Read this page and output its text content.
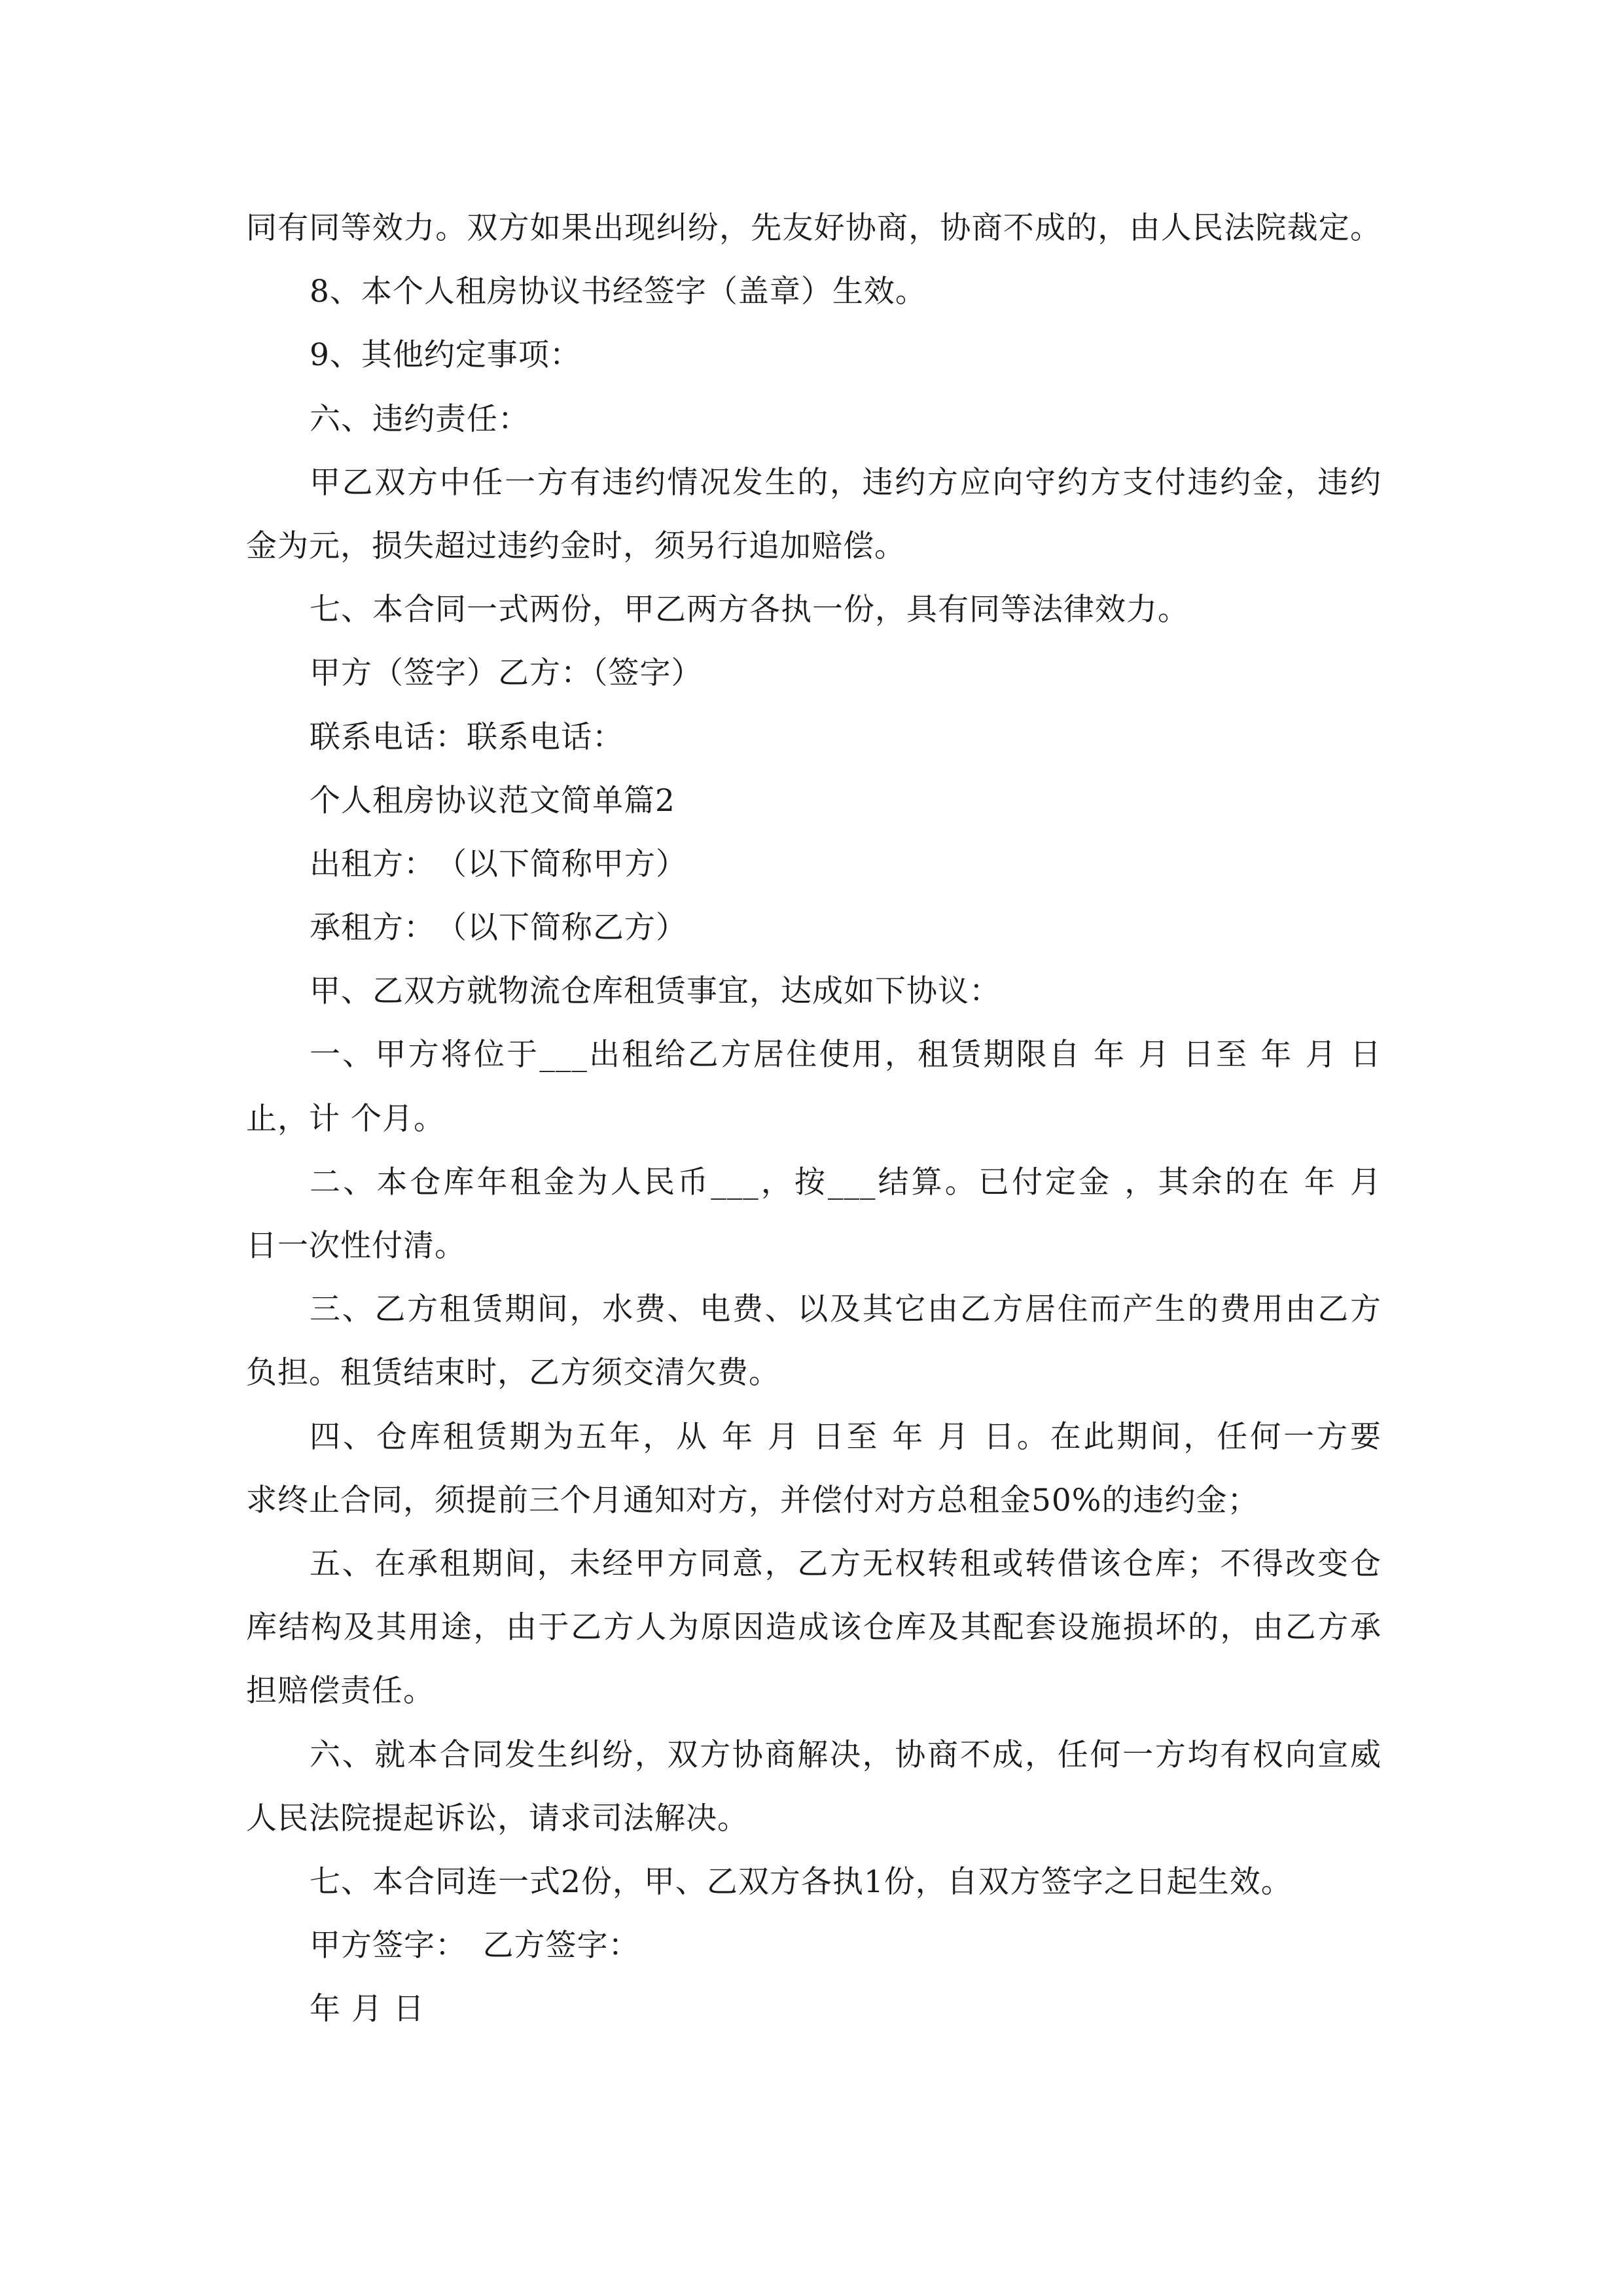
同有同等效力。双方如果出现纠纷，先友好协商，协商不成的，由人民法院裁定。
8、本个人租房协议书经签字（盖章）生效。
9、其他约定事项：
六、违约责任：
甲乙双方中任一方有违约情况发生的，违约方应向守约方支付违约金，违约
金为元，损失超过违约金时，须另行追加赔偿。
七、本合同一式两份，甲乙两方各执一份，具有同等法律效力。
甲方（签字）乙方：（签字）
联系电话：联系电话：
个人租房协议范文简单篇2
出租方：　（以下简称甲方）
承租方：　（以下简称乙方）
甲、乙双方就物流仓库租赁事宜，达成如下协议：
一、甲方将位于___出租给乙方居住使用，租赁期限自 年 月 日至 年 月 日
止，计 个月。
二、本仓库年租金为人民币___，按___结算。已付定金 ，其余的在 年 月
日一次性付清。
三、乙方租赁期间，水费、电费、以及其它由乙方居住而产生的费用由乙方
负担。租赁结束时，乙方须交清欠费。
四、仓库租赁期为五年，从 年 月 日至 年 月 日。在此期间，任何一方要
求终止合同，须提前三个月通知对方，并偿付对方总租金50%的违约金；
五、在承租期间，未经甲方同意，乙方无权转租或转借该仓库；不得改变仓
库结构及其用途，由于乙方人为原因造成该仓库及其配套设施损坏的，由乙方承
担赔偿责任。
六、就本合同发生纠纷，双方协商解决，协商不成，任何一方均有权向宣威
人民法院提起诉讼，请求司法解决。
七、本合同连一式2份，甲、乙双方各执1份，自双方签字之日起生效。
甲方签字：　乙方签字：
年 月 日
